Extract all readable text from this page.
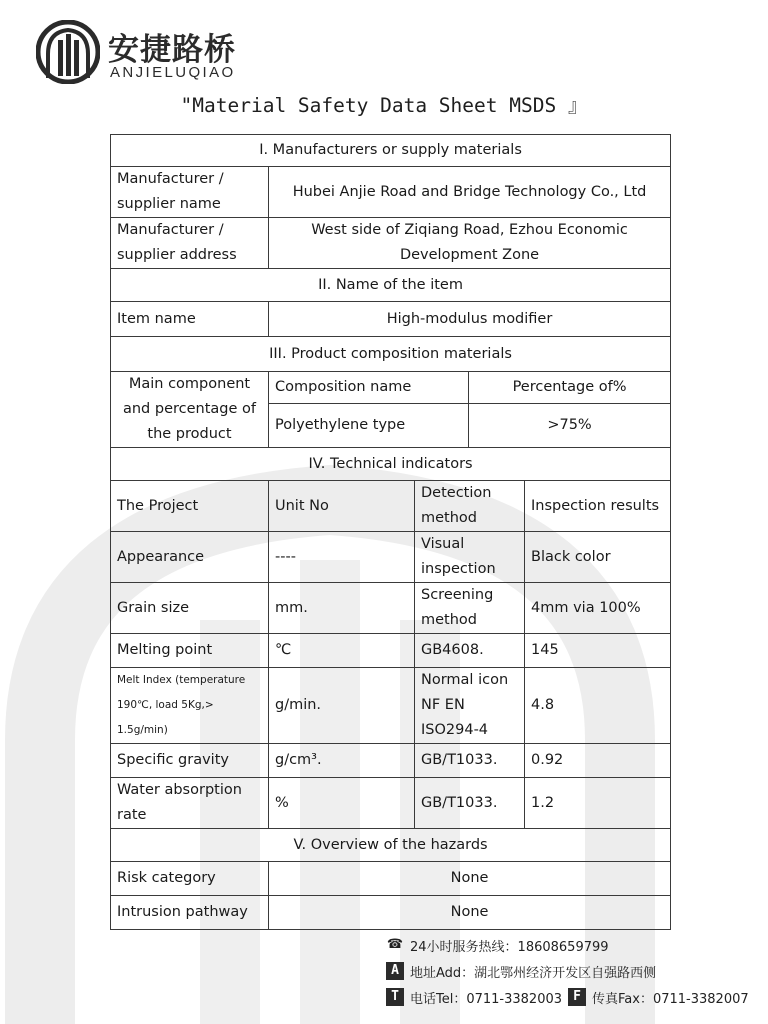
安捷路桥
ANJIELUQIAO
"Material Safety Data Sheet MSDS 』
I. Manufacturers or supply materials				
Manufacturer / supplier name	Hubei Anjie Road and Bridge Technology Co., Ltd			
Manufacturer / supplier address	West side of Ziqiang Road, Ezhou Economic Development Zone			
II. Name of the item				
Item name	High-modulus modifier			
III. Product composition materials				
Main component and percentage of the product	Composition name		Percentage of%	
	Polyethylene type		>75%	
IV. Technical indicators				
The Project	Unit No	Detection method		Inspection results
Appearance	----	Visual inspection		Black color
Grain size	mm.	Screening method		4mm via 100%
Melting point	℃	GB4608.		145
Melt Index (temperature 190℃, load 5Kg,> 1.5g/min)	g/min.	Normal icon NF EN ISO294-4		4.8
Specific gravity	g/cm³.	GB/T1033.		0.92
Water absorption rate	%	GB/T1033.		1.2
V. Overview of the hazards				
Risk category	None			
Intrusion pathway	None			
☎ 24小时服务热线：18608659799
A 地址Add：湖北鄂州经济开发区自强路西侧
T 电话Tel：0711-3382003 F 传真Fax：0711-3382007
